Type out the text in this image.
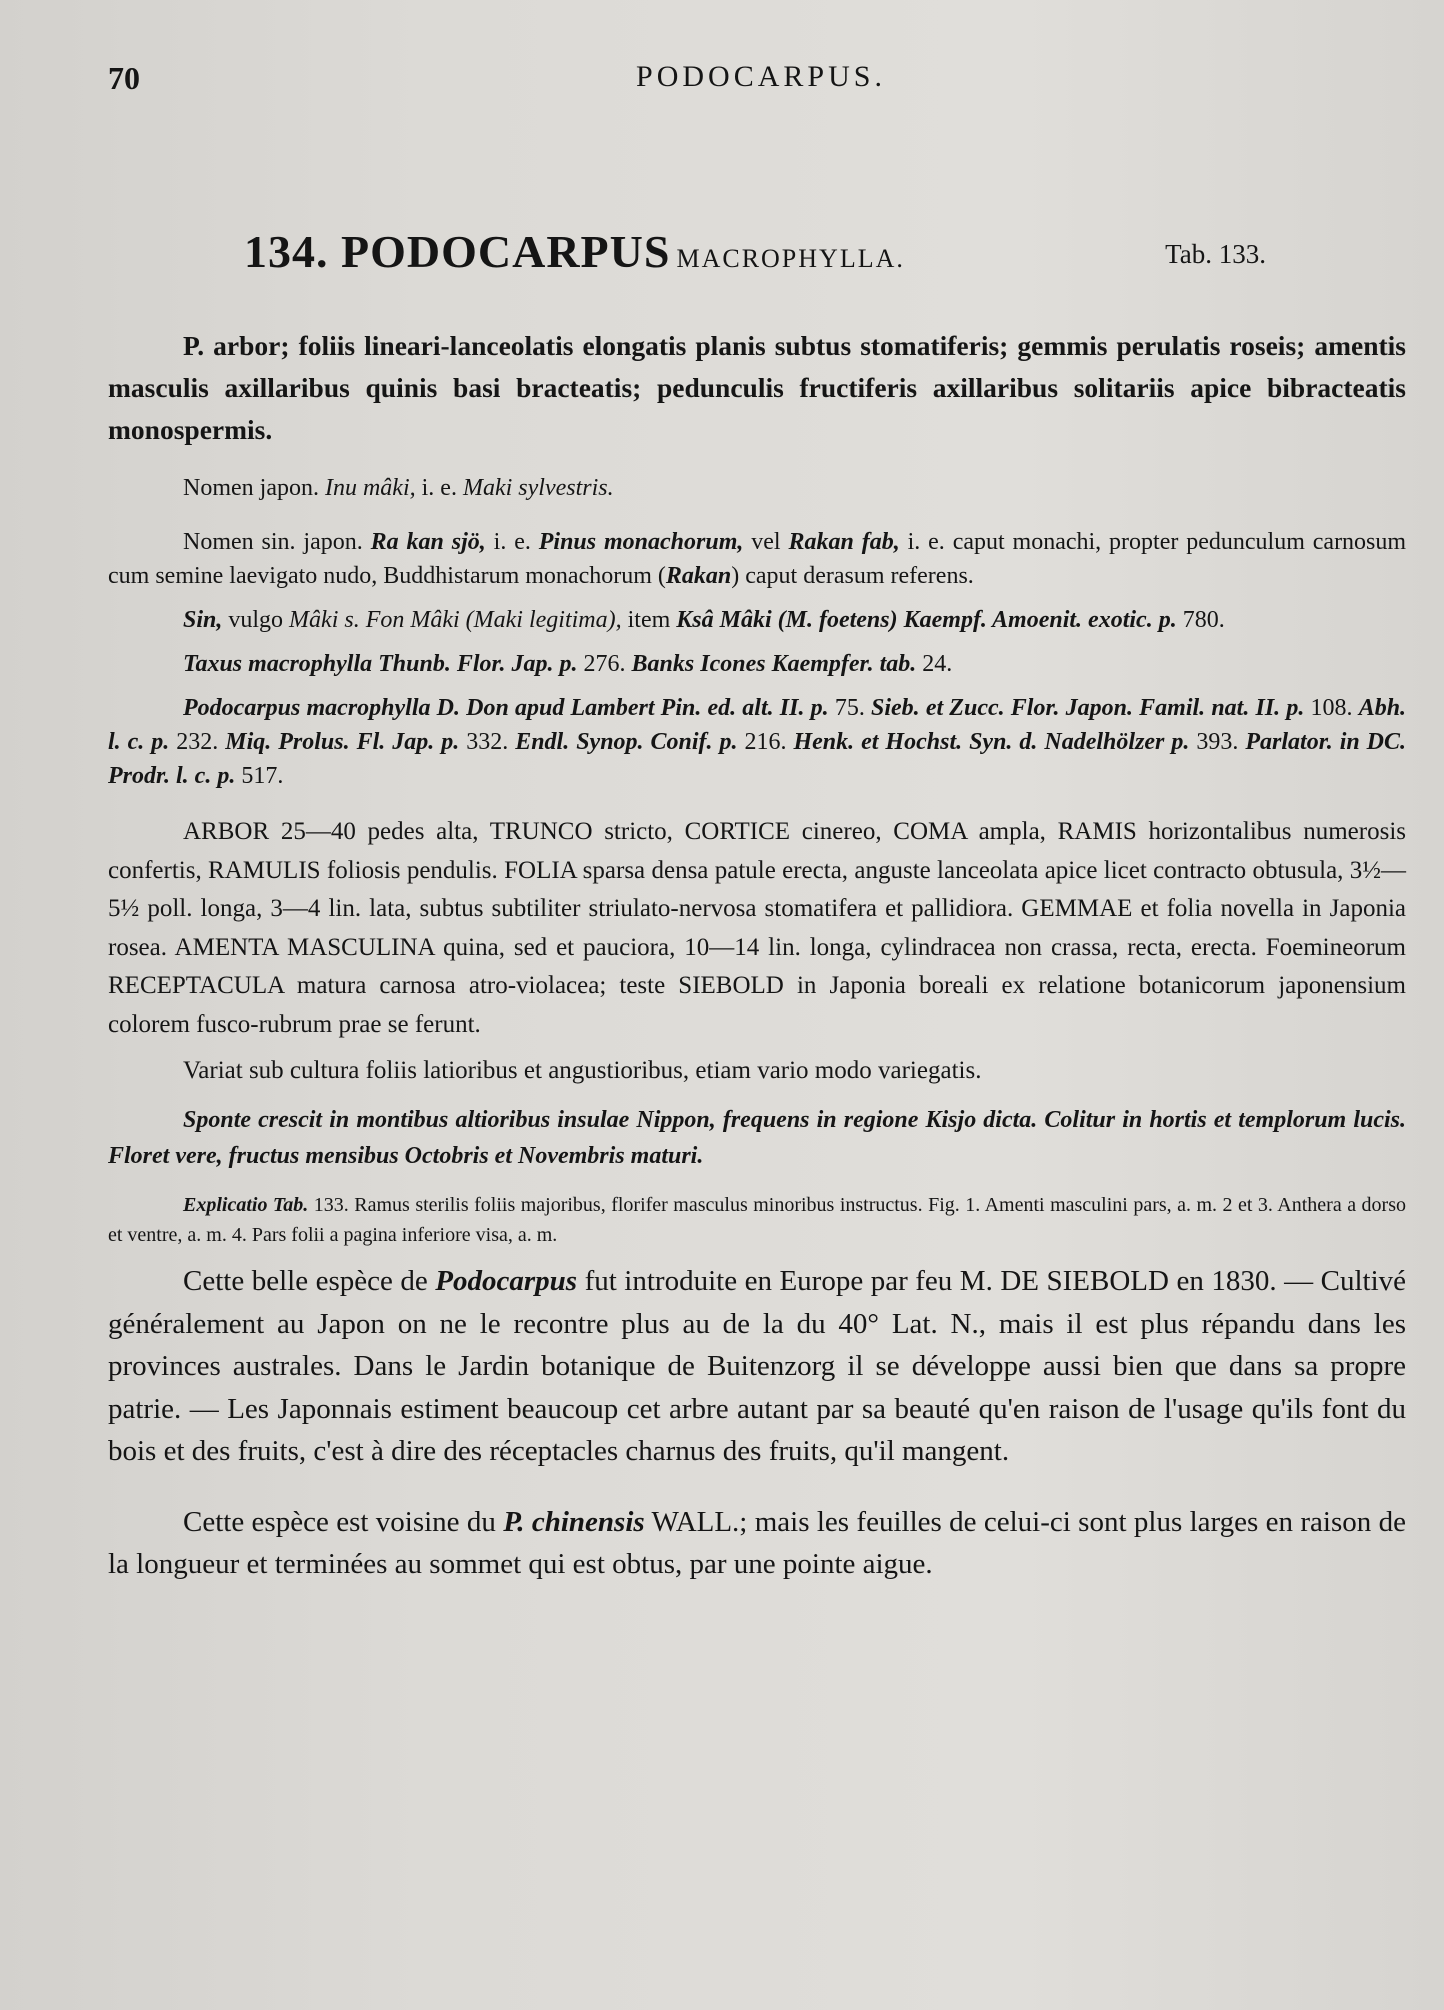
70	PODOCARPUS.
134. PODOCARPUS MACROPHYLLA.	Tab. 133.

P. arbor; foliis lineari-lanceolatis elongatis planis subtus stomatiferis; gemmis perulatis roseis; amentis masculis axillaribus quinis basi bracteatis; pedunculis fructiferis axillaribus solitariis apice bibracteatis monospermis.

Nomen japon. Inu mâki, i. e. Maki sylvestris.

Nomen sin. japon. Ra kan sjö, i. e. Pinus monachorum, vel Rakan fab, i. e. caput monachi, propter pedunculum carnosum cum semine laevigato nudo, Buddhistarum monachorum (Rakan) caput derasum referens.

Sin, vulgo Mâki s. Fon Mâki (Maki legitima), item Ksâ Mâki (M. foetens) Kaempf. Amoenit. exotic. p. 780.

Taxus macrophylla Thunb. Flor. Jap. p. 276. Banks Icones Kaempfer. tab. 24.

Podocarpus macrophylla D. Don apud Lambert Pin. ed. alt. II. p. 75. Sieb. et Zucc. Flor. Japon. Famil. nat. II. p. 108. Abh. l. c. p. 232. Miq. Prolus. Fl. Jap. p. 332. Endl. Synop. Conif. p. 216. Henk. et Hochst. Syn. d. Nadelhölzer p. 393. Parlator. in DC. Prodr. l. c. p. 517.

ARBOR 25—40 pedes alta, TRUNCO stricto, CORTICE cinereo, COMA ampla, RAMIS horizontalibus numerosis confertis, RAMULIS foliosis pendulis. FOLIA sparsa densa patule erecta, anguste lanceolata apice licet contracto obtusula, 3½—5½ poll. longa, 3—4 lin. lata, subtus subtiliter striulato-nervosa stomatifera et pallidiora. GEMMAE et folia novella in Japonia rosea. AMENTA MASCULINA quina, sed et pauciora, 10—14 lin. longa, cylindracea non crassa, recta, erecta. Foemineorum RECEPTACULA matura carnosa atro-violacea; teste SIEBOLD in Japonia boreali ex relatione botanicorum japonensium colorem fusco-rubrum prae se ferunt.

Variat sub cultura foliis latioribus et angustioribus, etiam vario modo variegatis.

Sponte crescit in montibus altioribus insulae Nippon, frequens in regione Kisjo dicta. Colitur in hortis et templorum lucis. Floret vere, fructus mensibus Octobris et Novembris maturi.

Explicatio Tab. 133. Ramus sterilis foliis majoribus, florifer masculus minoribus instructus. Fig. 1. Amenti masculini pars, a. m. 2 et 3. Anthera a dorso et ventre, a. m. 4. Pars folii a pagina inferiore visa, a. m.

Cette belle espèce de Podocarpus fut introduite en Europe par feu M. DE SIEBOLD en 1830. — Cultivé généralement au Japon on ne le recontre plus au de la du 40° Lat. N., mais il est plus répandu dans les provinces australes. Dans le Jardin botanique de Buitenzorg il se développe aussi bien que dans sa propre patrie. — Les Japonnais estiment beaucoup cet arbre autant par sa beauté qu'en raison de l'usage qu'ils font du bois et des fruits, c'est à dire des réceptacles charnus des fruits, qu'il mangent.

Cette espèce est voisine du P. chinensis WALL.; mais les feuilles de celui-ci sont plus larges en raison de la longueur et terminées au sommet qui est obtus, par une pointe aigue.
